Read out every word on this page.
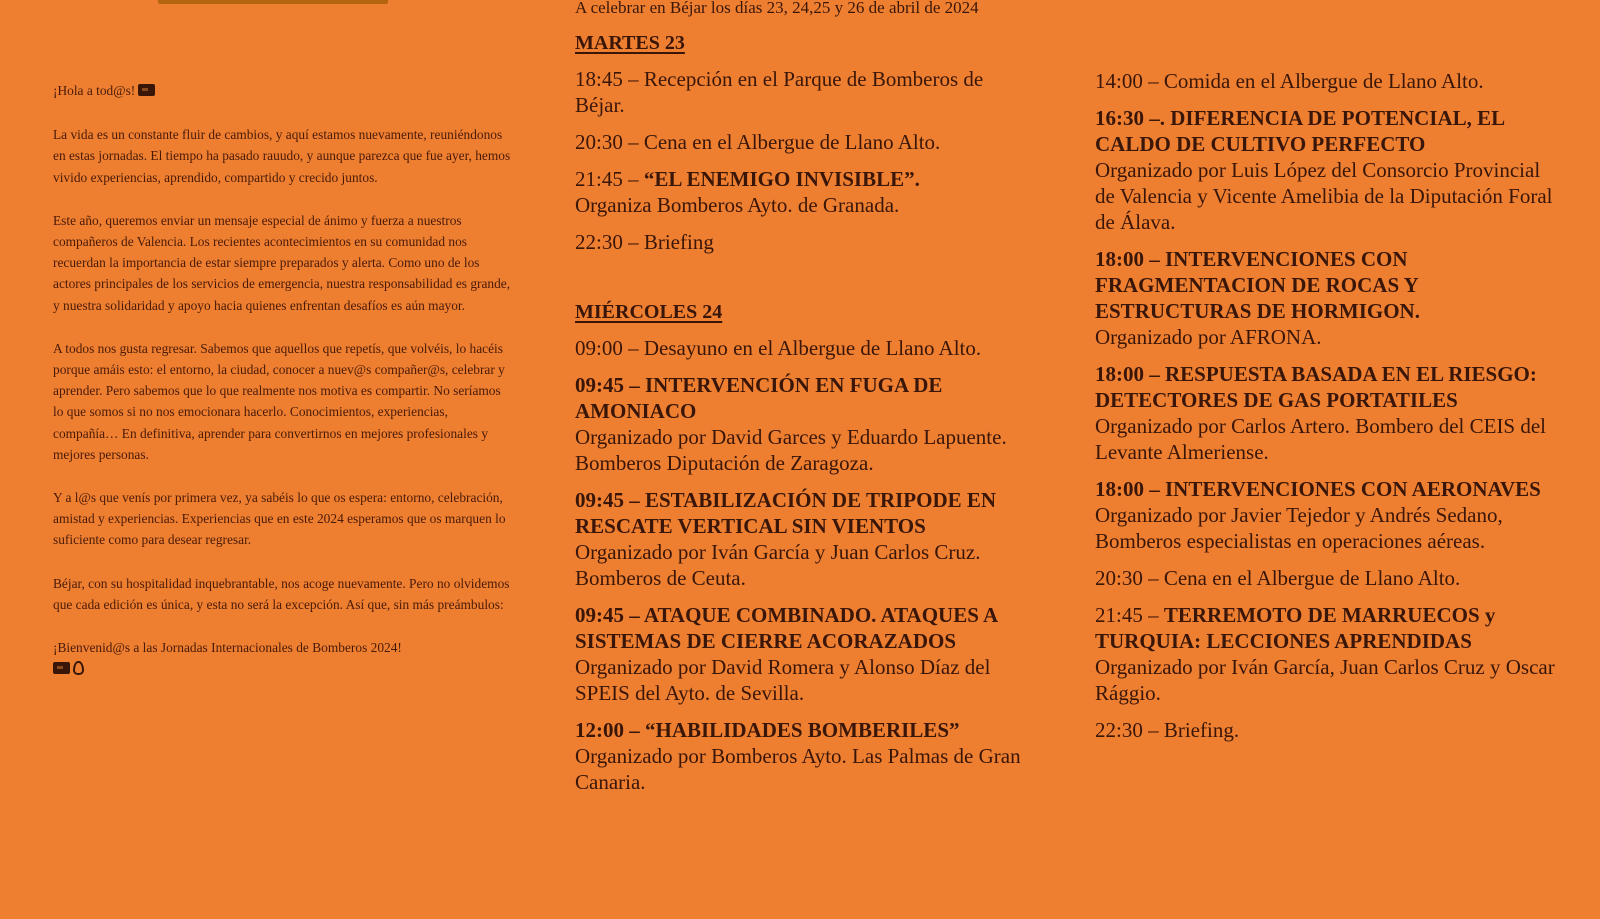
¡Hola a tod@s!

La vida es un constante fluir de cambios, y aquí estamos nuevamente, reuniéndonos en estas jornadas. El tiempo ha pasado rauudo, y aunque parezca que fue ayer, hemos vivido experiencias, aprendido, compartido y crecido juntos.

Este año, queremos enviar un mensaje especial de ánimo y fuerza a nuestros compañeros de Valencia. Los recientes acontecimientos en su comunidad nos recuerdan la importancia de estar siempre preparados y alerta. Como uno de los actores principales de los servicios de emergencia, nuestra responsabilidad es grande, y nuestra solidaridad y apoyo hacia quienes enfrentan desafíos es aún mayor.

A todos nos gusta regresar. Sabemos que aquellos que repetís, que volvéis, lo hacéis porque amáis esto: el entorno, la ciudad, conocer a nuev@s compañer@s, celebrar y aprender. Pero sabemos que lo que realmente nos motiva es compartir. No seríamos lo que somos si no nos emocionara hacerlo. Conocimientos, experiencias, compañía… En definitiva, aprender para convertirnos en mejores profesionales y mejores personas.

Y a l@s que venís por primera vez, ya sabéis lo que os espera: entorno, celebración, amistad y experiencias. Experiencias que en este 2024 esperamos que os marquen lo suficiente como para desear regresar.

Béjar, con su hospitalidad inquebrantable, nos acoge nuevamente. Pero no olvidemos que cada edición es única, y esta no será la excepción. Así que, sin más preámbulos:

¡Bienvenid@s a las Jornadas Internacionales de Bomberos 2024!

A celebrar en Béjar los días 23, 24,25 y 26 de abril de 2024
MARTES 23
18:45 – Recepción en el Parque de Bomberos de Béjar.
20:30 – Cena en el Albergue de Llano Alto.
21:45 – “EL ENEMIGO INVISIBLE”.
Organiza Bomberos Ayto. de Granada.
22:30 – Briefing
MIÉRCOLES 24
09:00 – Desayuno en el Albergue de Llano Alto.
09:45 – INTERVENCIÓN EN FUGA DE AMONIACO
Organizado por David Garces y Eduardo Lapuente. Bomberos Diputación de Zaragoza.
09:45 – ESTABILIZACIÓN DE TRIPODE EN RESCATE VERTICAL SIN VIENTOS
Organizado por Iván García y Juan Carlos Cruz. Bomberos de Ceuta.
09:45 – ATAQUE COMBINADO. ATAQUES A SISTEMAS DE CIERRE ACORAZADOS
Organizado por David Romera y Alonso Díaz del SPEIS del Ayto. de Sevilla.
12:00 – “HABILIDADES BOMBERILES”
Organizado por Bomberos Ayto. Las Palmas de Gran Canaria.
14:00 – Comida en el Albergue de Llano Alto.
16:30 –. DIFERENCIA DE POTENCIAL, EL CALDO DE CULTIVO PERFECTO
Organizado por Luis López del Consorcio Provincial de Valencia y Vicente Amelibia de la Diputación Foral de Álava.
18:00 – INTERVENCIONES CON FRAGMENTACION DE ROCAS Y ESTRUCTURAS DE HORMIGON.
Organizado por AFRONA.
18:00 – RESPUESTA BASADA EN EL RIESGO: DETECTORES DE GAS PORTATILES
Organizado por Carlos Artero. Bombero del CEIS del Levante Almeriense.
18:00 – INTERVENCIONES CON AERONAVES
Organizado por Javier Tejedor y Andrés Sedano, Bomberos especialistas en operaciones aéreas.
20:30 – Cena en el Albergue de Llano Alto.
21:45 – TERREMOTO DE MARRUECOS y TURQUIA: LECCIONES APRENDIDAS
Organizado por Iván García, Juan Carlos Cruz y Oscar Rággio.
22:30 – Briefing.
